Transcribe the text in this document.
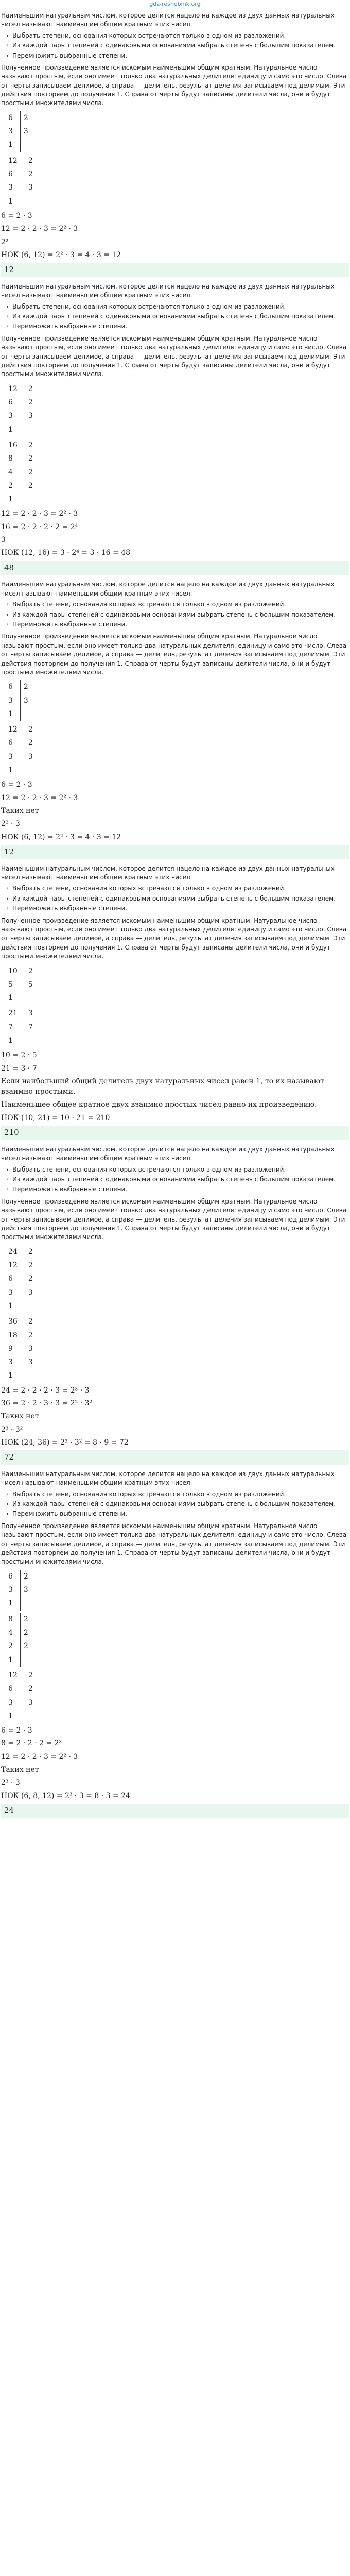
gdz-reshebnik.org
Наименьшим натуральным числом, которое делится нацело на каждое из двух данных натуральных чисел называют наименьшим общим кратным этих чисел.
› Выбрать степени, основания которых встречаются только в одном из разложений.
› Из каждой пары степеней с одинаковыми основаниями выбрать степень с большим показателем.
› Перемножить выбранные степени.
Полученное произведение является искомым наименьшим общим кратным. Натуральное число называют простым, если оно имеет только два натуральных делителя: единицу и само это число. Слева от черты записываем делимое, а справа — делитель, результат деления записываем под делимым. Эти действия повторяем до получения 1. Справа от черты будут записаны делители числа, они и будут простыми множителями числа.
6	2
3	3
1	
12	2
6	2
3	3
1	
6 = 2 · 3
12 = 2 · 2 · 3 = 2² · 3
2²
НОК (6, 12) = 2² · 3 = 4 · 3 = 12
12
Наименьшим натуральным числом, которое делится нацело на каждое из двух данных натуральных чисел называют наименьшим общим кратным этих чисел.
› Выбрать степени, основания которых встречаются только в одном из разложений.
› Из каждой пары степеней с одинаковыми основаниями выбрать степень с большим показателем.
› Перемножить выбранные степени.
Полученное произведение является искомым наименьшим общим кратным. Натуральное число называют простым, если оно имеет только два натуральных делителя: единицу и само это число. Слева от черты записываем делимое, а справа — делитель, результат деления записываем под делимым. Эти действия повторяем до получения 1. Справа от черты будут записаны делители числа, они и будут простыми множителями числа.
12	2
6	2
3	3
1	
16	2
8	2
4	2
2	2
1	
12 = 2 · 2 · 3 = 2² · 3
16 = 2 · 2 · 2 · 2 = 2⁴
3
НОК (12, 16) = 3 · 2⁴ = 3 · 16 = 48
48
Наименьшим натуральным числом, которое делится нацело на каждое из двух данных натуральных чисел называют наименьшим общим кратным этих чисел.
› Выбрать степени, основания которых встречаются только в одном из разложений.
› Из каждой пары степеней с одинаковыми основаниями выбрать степень с большим показателем.
› Перемножить выбранные степени.
Полученное произведение является искомым наименьшим общим кратным. Натуральное число называют простым, если оно имеет только два натуральных делителя: единицу и само это число. Слева от черты записываем делимое, а справа — делитель, результат деления записываем под делимым. Эти действия повторяем до получения 1. Справа от черты будут записаны делители числа, они и будут простыми множителями числа.
6	2
3	3
1	
12	2
6	2
3	3
1	
6 = 2 · 3
12 = 2 · 2 · 3 = 2² · 3
Таких нет
2² · 3
НОК (6, 12) = 2² · 3 = 4 · 3 = 12
12
Наименьшим натуральным числом, которое делится нацело на каждое из двух данных натуральных чисел называют наименьшим общим кратным этих чисел.
› Выбрать степени, основания которых встречаются только в одном из разложений.
› Из каждой пары степеней с одинаковыми основаниями выбрать степень с большим показателем.
› Перемножить выбранные степени.
Полученное произведение является искомым наименьшим общим кратным. Натуральное число называют простым, если оно имеет только два натуральных делителя: единицу и само это число. Слева от черты записываем делимое, а справа — делитель, результат деления записываем под делимым. Эти действия повторяем до получения 1. Справа от черты будут записаны делители числа, они и будут простыми множителями числа.
10	2
5	5
1	
21	3
7	7
1	
10 = 2 · 5
21 = 3 · 7
Если наибольший общий делитель двух натуральных чисел равен 1, то их называют взаимно простыми.
Наименьшее общее кратное двух взаимно простых чисел равно их произведению.
НОК (10, 21) = 10 · 21 = 210
210
Наименьшим натуральным числом, которое делится нацело на каждое из двух данных натуральных чисел называют наименьшим общим кратным этих чисел.
› Выбрать степени, основания которых встречаются только в одном из разложений.
› Из каждой пары степеней с одинаковыми основаниями выбрать степень с большим показателем.
› Перемножить выбранные степени.
Полученное произведение является искомым наименьшим общим кратным. Натуральное число называют простым, если оно имеет только два натуральных делителя: единицу и само это число. Слева от черты записываем делимое, а справа — делитель, результат деления записываем под делимым. Эти действия повторяем до получения 1. Справа от черты будут записаны делители числа, они и будут простыми множителями числа.
24	2
12	2
6	2
3	3
1	
36	2
18	2
9	3
3	3
1	
24 = 2 · 2 · 2 · 3 = 2³ · 3
36 = 2 · 2 · 3 · 3 = 2² · 3²
Таких нет
2³ · 3²
НОК (24, 36) = 2³ · 3² = 8 · 9 = 72
72
Наименьшим натуральным числом, которое делится нацело на каждое из двух данных натуральных чисел называют наименьшим общим кратным этих чисел.
› Выбрать степени, основания которых встречаются только в одном из разложений.
› Из каждой пары степеней с одинаковыми основаниями выбрать степень с большим показателем.
› Перемножить выбранные степени.
Полученное произведение является искомым наименьшим общим кратным. Натуральное число называют простым, если оно имеет только два натуральных делителя: единицу и само это число. Слева от черты записываем делимое, а справа — делитель, результат деления записываем под делимым. Эти действия повторяем до получения 1. Справа от черты будут записаны делители числа, они и будут простыми множителями числа.
6	2
3	3
1	
8	2
4	2
2	2
1	
12	2
6	2
3	3
1	
6 = 2 · 3
8 = 2 · 2 · 2 = 2³
12 = 2 · 2 · 3 = 2² · 3
Таких нет
2³ · 3
НОК (6, 8, 12) = 2³ · 3 = 8 · 3 = 24
24
